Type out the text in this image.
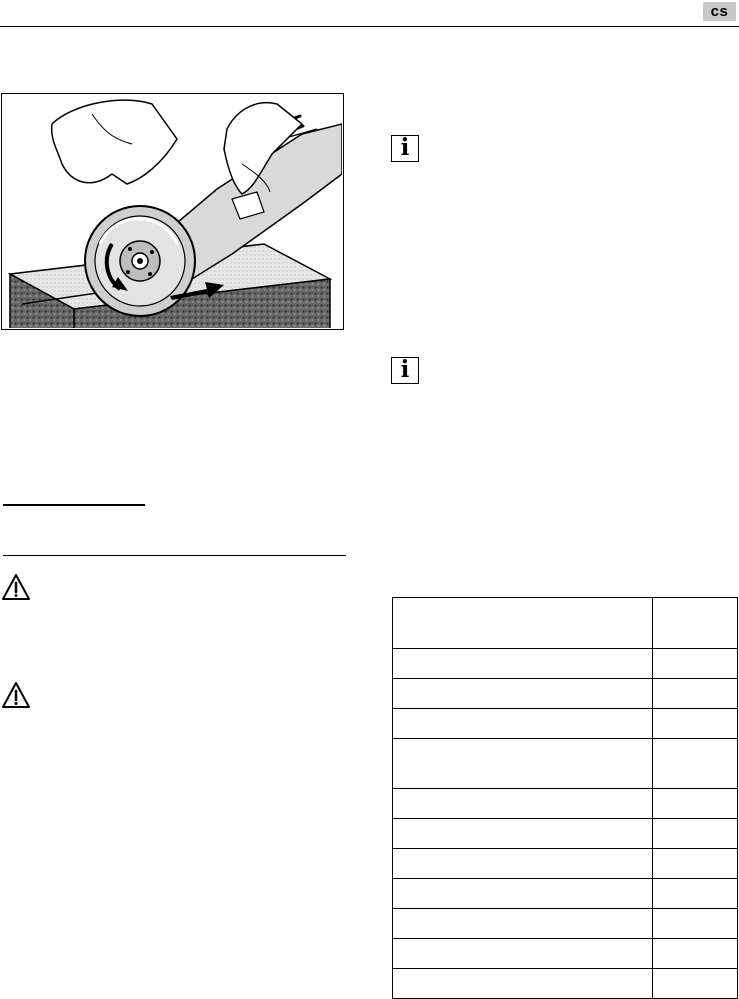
cs
i
i
